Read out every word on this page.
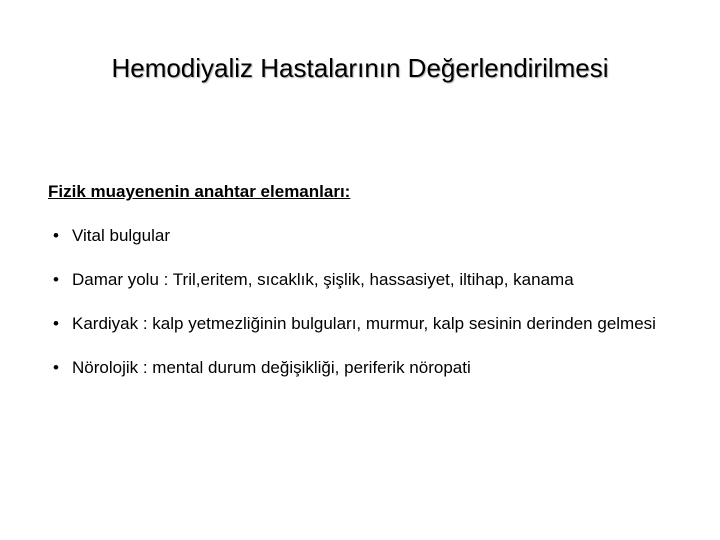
Hemodiyaliz Hastalarının Değerlendirilmesi
Fizik muayenenin anahtar elemanları:
• Vital bulgular
• Damar yolu : Tril,eritem, sıcaklık, şişlik, hassasiyet, iltihap, kanama
• Kardiyak : kalp yetmezliğinin bulguları, murmur, kalp sesinin derinden gelmesi
• Nörolojik : mental durum değişikliği, periferik nöropati
